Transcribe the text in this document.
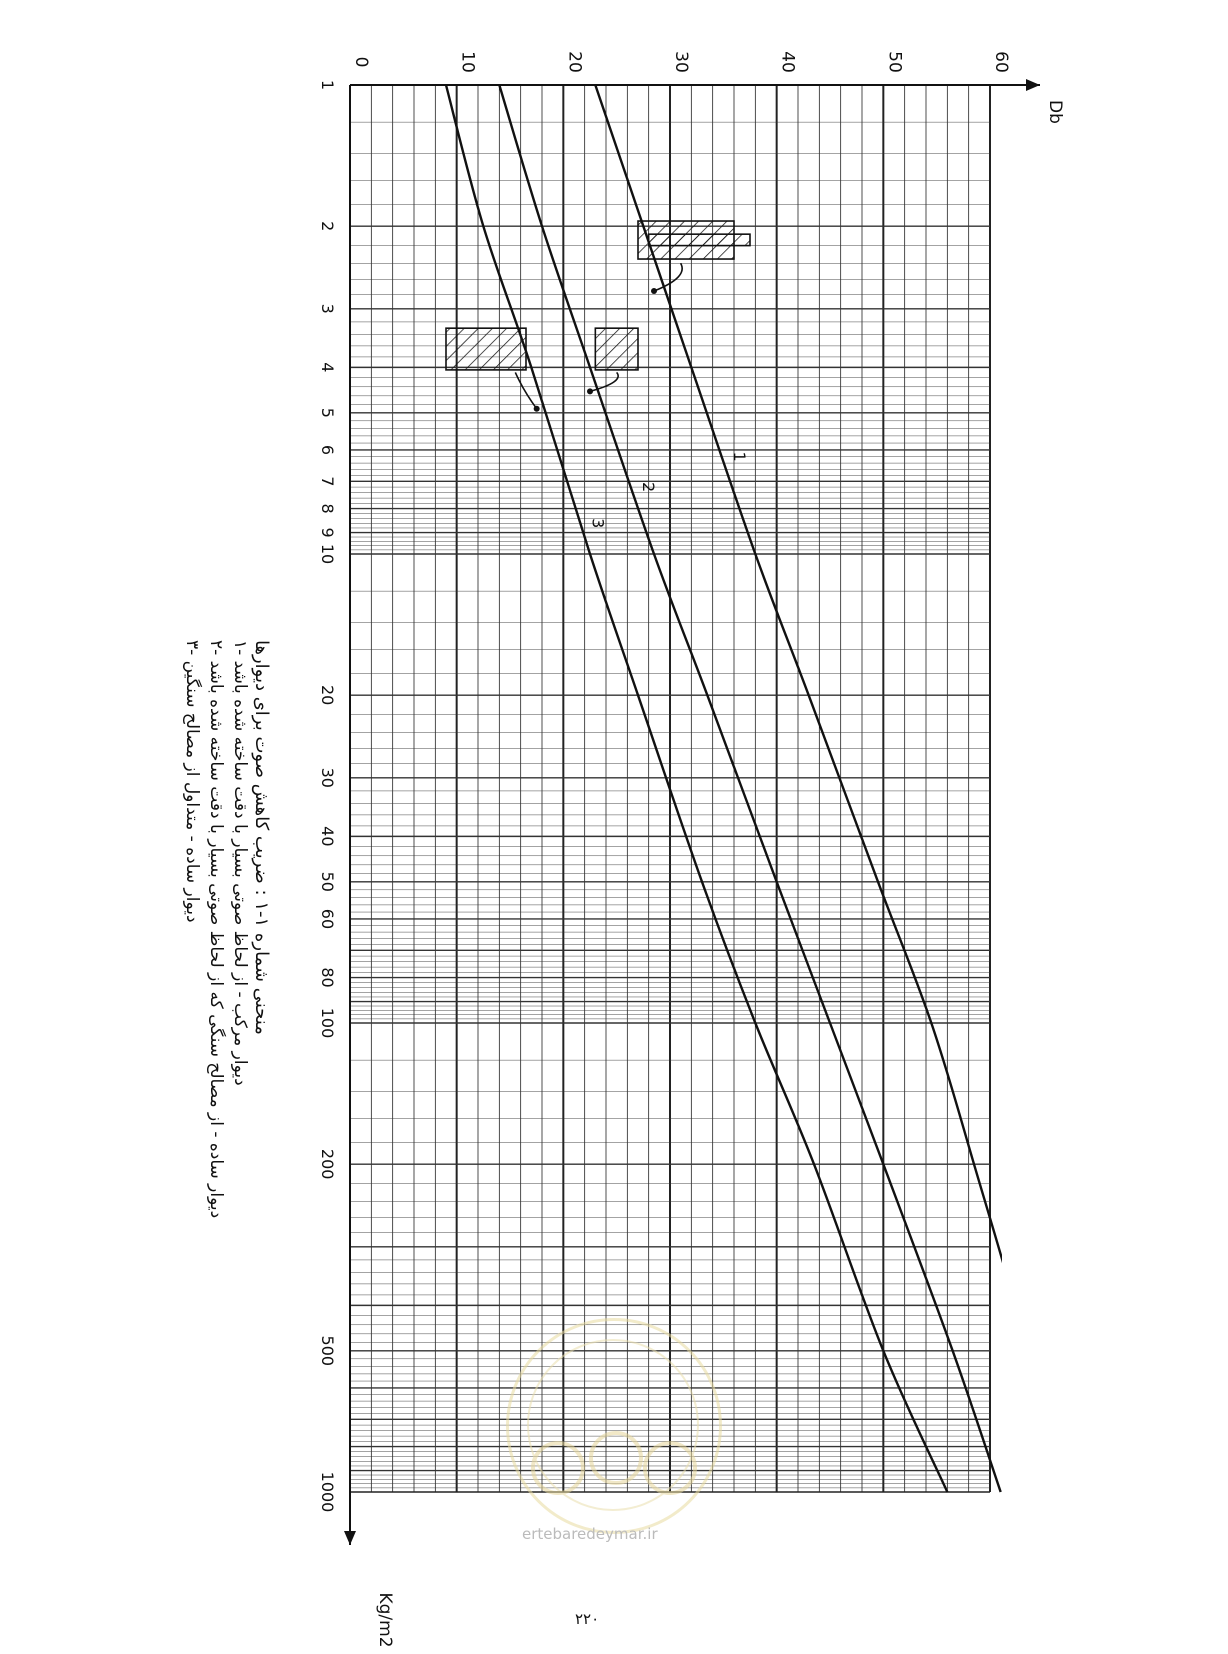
1
2
3
0	10	20	30	40	50	60
1
2
3
4
5
6
7
8
9
10
20
30
40
50
60
80
100
200
500
1000
Db
Kg/m2
منحنی شماره ۱-۱ : ضریب کاهش صوت برای دیوارها
۱- دیوار مرکب - از لحاظ صوتی بسیار با دقت ساخته شده باشد
۲- دیوار ساده - از مصالح سنگی که از لحاظ صوتی بسیار با دقت ساخته شده باشد
۳- دیوار ساده - متداول از مصالح سنگین
۲۲۰
ertebaredeymar.ir
